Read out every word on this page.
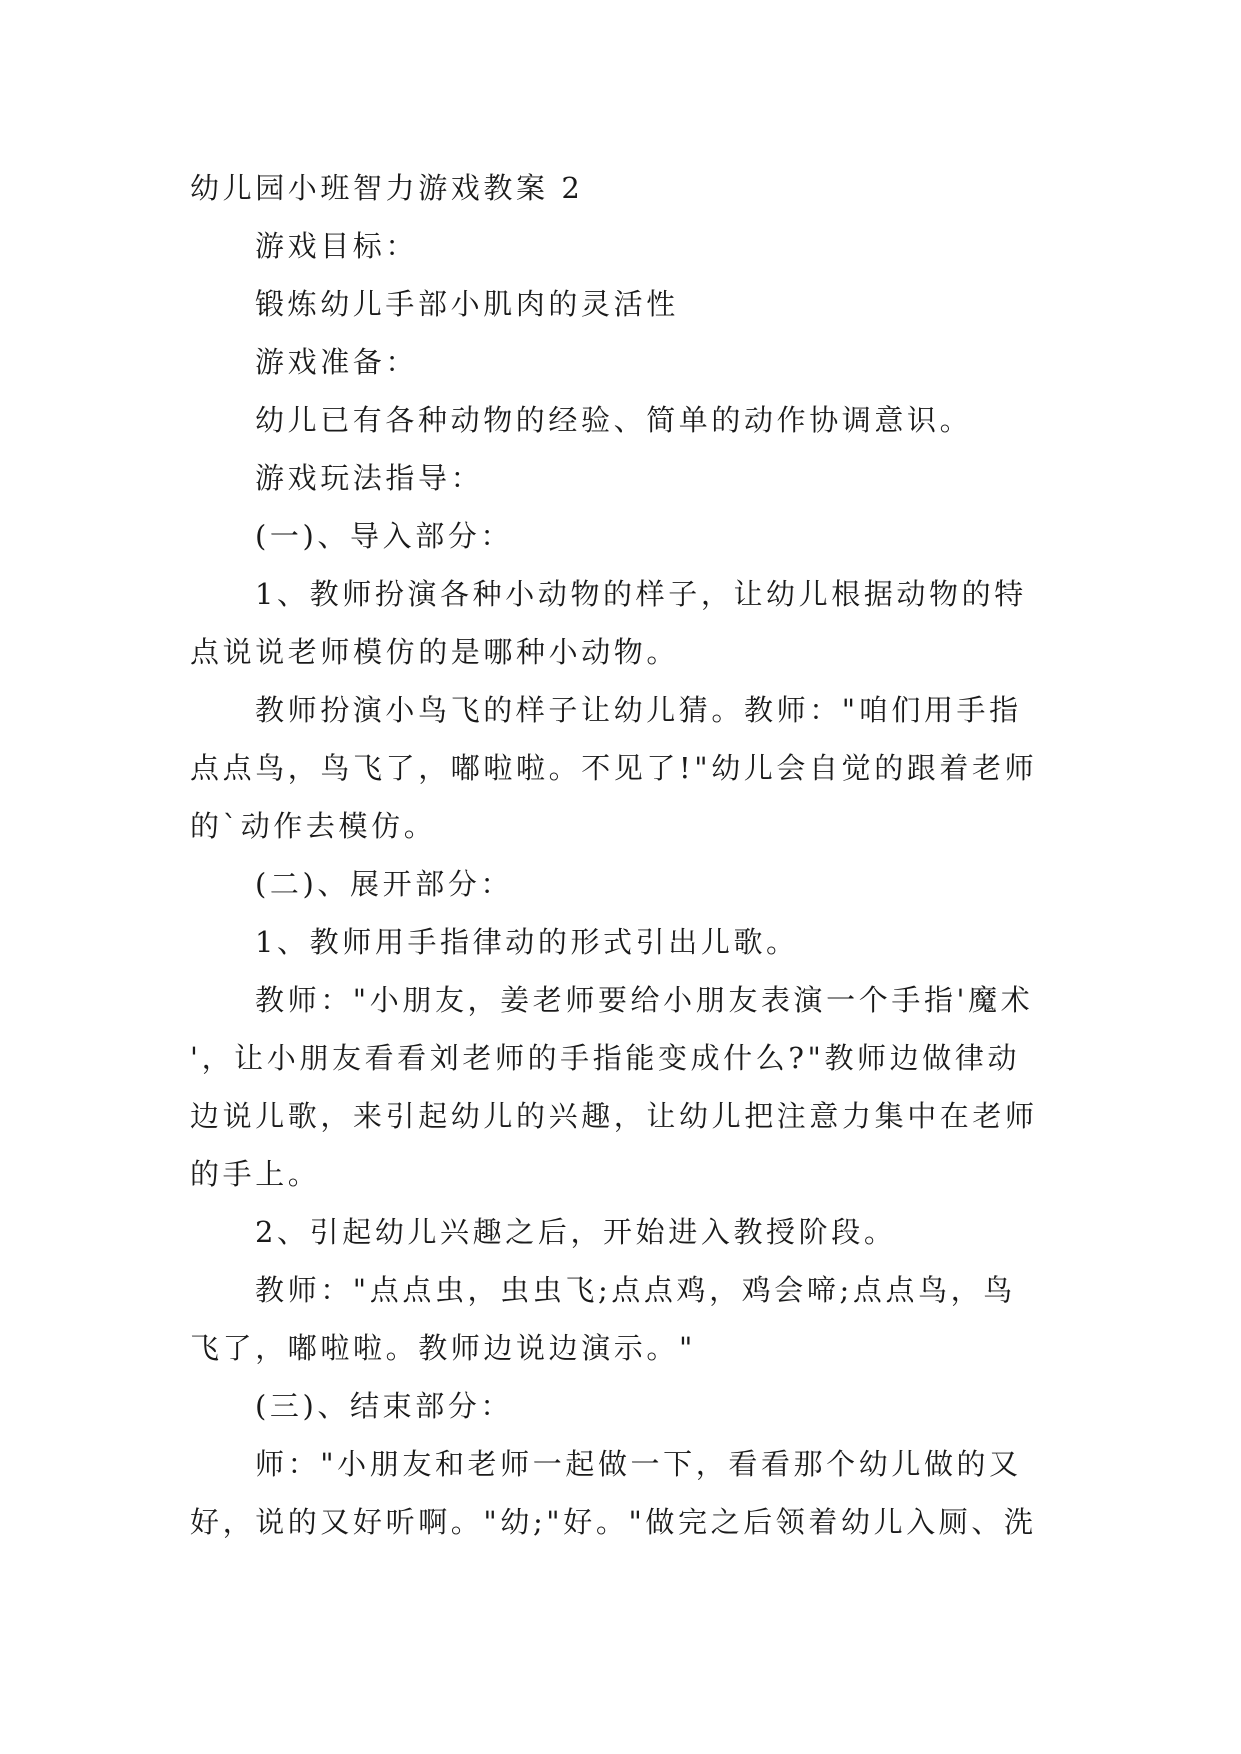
幼儿园小班智力游戏教案 2
游戏目标：
锻炼幼儿手部小肌肉的灵活性
游戏准备：
幼儿已有各种动物的经验、简单的动作协调意识。
游戏玩法指导：
(一)、导入部分：
1、教师扮演各种小动物的样子，让幼儿根据动物的特
点说说老师模仿的是哪种小动物。
教师扮演小鸟飞的样子让幼儿猜。教师："咱们用手指
点点鸟，鸟飞了，嘟啦啦。不见了!"幼儿会自觉的跟着老师
的`动作去模仿。
(二)、展开部分：
1、教师用手指律动的形式引出儿歌。
教师："小朋友，姜老师要给小朋友表演一个手指'魔术
'，让小朋友看看刘老师的手指能变成什么?"教师边做律动
边说儿歌，来引起幼儿的兴趣，让幼儿把注意力集中在老师
的手上。
2、引起幼儿兴趣之后，开始进入教授阶段。
教师："点点虫，虫虫飞;点点鸡，鸡会啼;点点鸟，鸟
飞了，嘟啦啦。教师边说边演示。"
(三)、结束部分：
师："小朋友和老师一起做一下，看看那个幼儿做的又
好，说的又好听啊。"幼;"好。"做完之后领着幼儿入厕、洗
